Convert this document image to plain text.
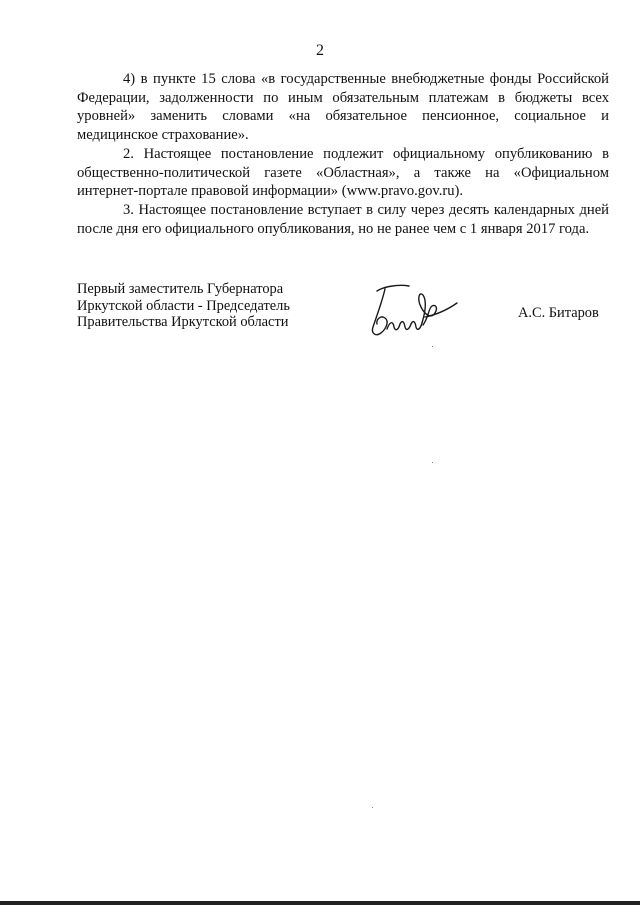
2

4) в пункте 15 слова «в государственные внебюджетные фонды Российской Федерации, задолженности по иным обязательным платежам в бюджеты всех уровней» заменить словами «на обязательное пенсионное, социальное и медицинское страхование».

2. Настоящее постановление подлежит официальному опубликованию в общественно-политической газете «Областная», а также на «Официальном интернет-портале правовой информации» (www.pravo.gov.ru).

3. Настоящее постановление вступает в силу через десять календарных дней после дня его официального опубликования, но не ранее чем с 1 января 2017 года.

Первый заместитель Губернатора
Иркутской области - Председатель
Правительства Иркутской области
А.С. Битаров
